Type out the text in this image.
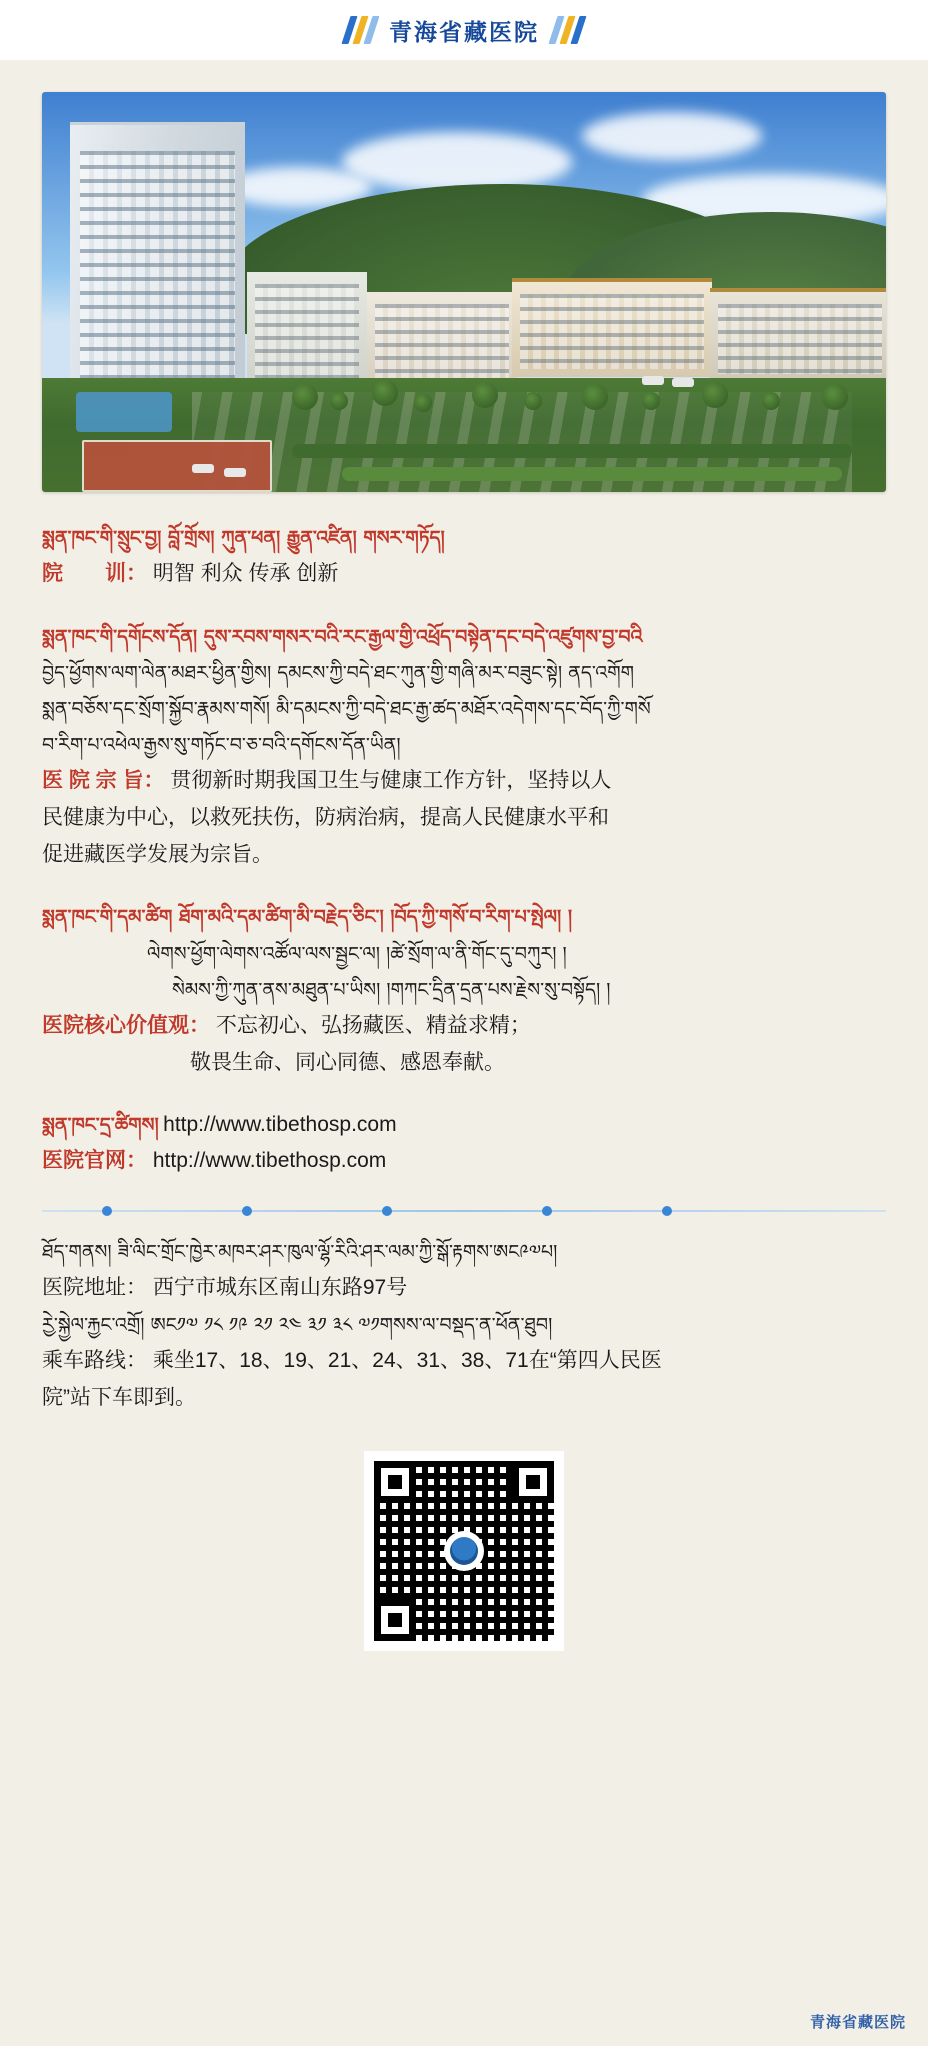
青海省藏医院
སྨན་ཁང་གི་སྲུང་བྱ། བློ་གྲོས། ཀུན་ཕན། རྒྱུན་འཛིན། གསར་གཏོད།
院　　训： 明智 利众 传承 创新
སྨན་ཁང་གི་དགོངས་དོན། དུས་རབས་གསར་བའི་རང་རྒྱལ་གྱི་འཕྲོད་བསྟེན་དང་བདེ་འཛུགས་བྱ་བའི
བྱེད་ཕྱོགས་ལག་ལེན་མཐར་ཕྱིན་གྱིས། དམངས་ཀྱི་བདེ་ཐང་ཀུན་གྱི་གཞི་མར་བཟུང་སྟེ། ནད་འགོག
སྨན་བཅོས་དང་སྲོག་སྐྱོབ་རྣམས་གསོ། མི་དམངས་ཀྱི་བདེ་ཐང་རྒྱ་ཚད་མཐོར་འདེགས་དང་བོད་ཀྱི་གསོ
བ་རིག་པ་འཕེལ་རྒྱས་སུ་གཏོང་བ་ཅ་བའི་དགོངས་དོན་ཡིན།
医 院 宗 旨： 贯彻新时期我国卫生与健康工作方针，坚持以人
民健康为中心，以救死扶伤，防病治病，提高人民健康水平和
促进藏医学发展为宗旨。
སྨན་ཁང་གི་དམ་ཚིག ཐོག་མའི་དམ་ཚིག་མི་བརྗེད་ཅིང་། །བོད་ཀྱི་གསོ་བ་རིག་པ་སྤེལ། །
ལེགས་ཕྱོག་ལེགས་འཚོལ་ལས་སྦྱང་ལ། །ཚེ་སྲོག་ལ་ནི་གོང་དུ་བཀུར། །
སེམས་ཀྱི་ཀུན་ནས་མཐུན་པ་ཡིས། །གཀང་དྲིན་དྲན་པས་རྗེས་སུ་བསྟོད། །
医院核心价值观： 不忘初心、弘扬藏医、精益求精；
敬畏生命、同心同德、感恩奉献。
སྨན་ཁང་དྲ་ཚིགས། http://www.tibethosp.com
医院官网： http://www.tibethosp.com
ཐོད་གནས། ཟི་ལིང་གྲོང་ཁྱེར་མཁར་ཤར་ཁུལ་ལྷོ་རིའི་ཤར་ལམ་ཀྱི་སྒོ་རྟགས་ཨང༩༧པ།
医院地址： 西宁市城东区南山东路97号
རྱེ་སྐྱེལ་རྐྱང་འགྲོ། ཨང༡༧ ༡༨ ༡༩ ༢༡ ༢༤ ༣༡ ༣༨ ༧༡གསས་ལ་བསྡད་ན་ཕོན་ཐུབ།
乘车路线： 乘坐17、18、19、21、24、31、38、71在“第四人民医
院”站下车即到。
青海省藏医院
